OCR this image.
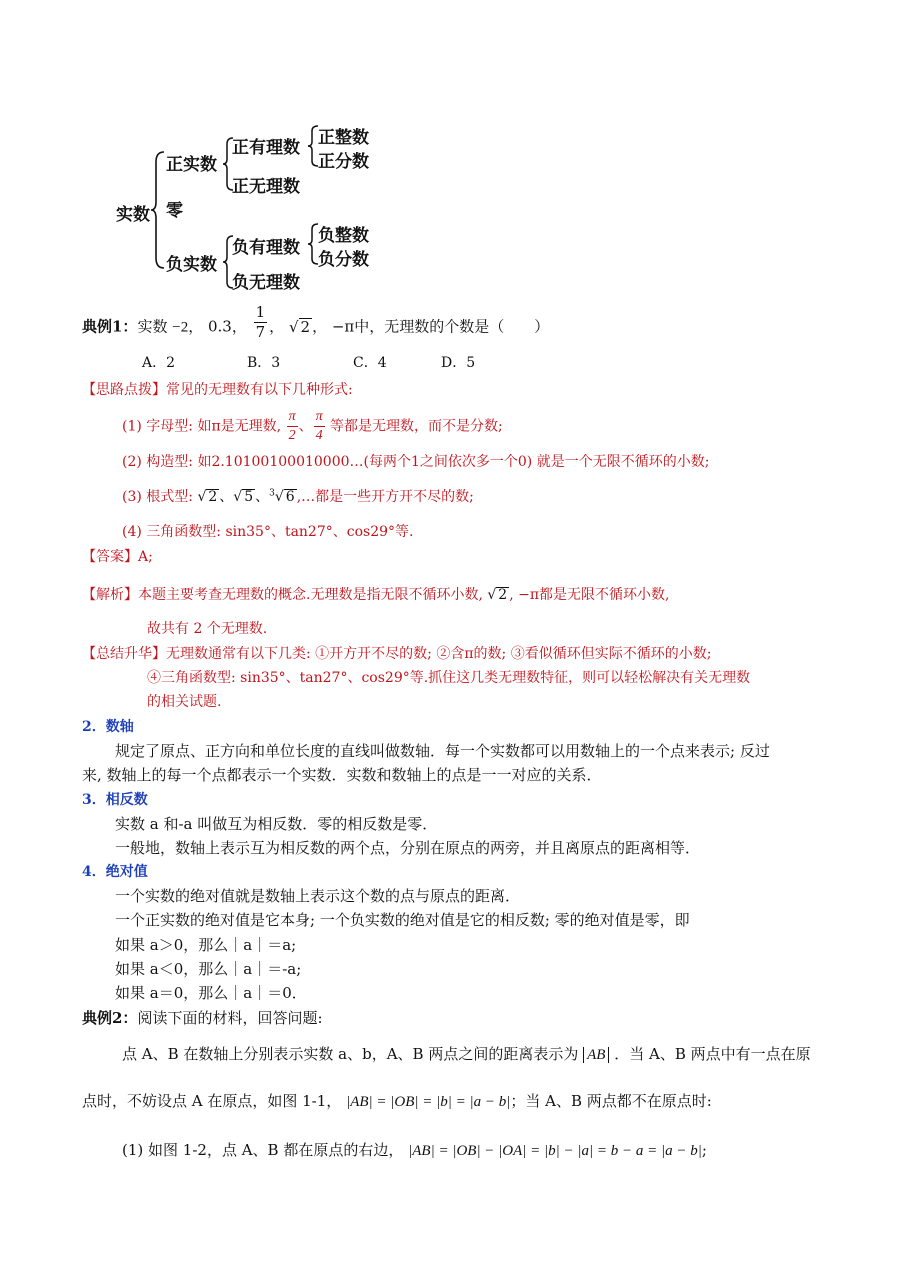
实数
正实数
正有理数 正整数
正分数
正无理数
零
负实数
负有理数
负整数
负分数
负无理数
典例1：实数 −2， 0.3， $\frac{1}{7}$ ， √ 2 ， −π中，无理数的个数是（　　）
A．2	B．3	C．4	D．5
【思路点拨】常见的无理数有以下几种形式:
(1) 字母型: 如π是无理数, $\frac{\pi}{2}$ 、 $\frac{\pi}{4}$ 等都是无理数，而不是分数;
(2) 构造型: 如2.10100100010000…(每两个1之间依次多一个0) 就是一个无限不循环的小数;
(3) 根式型: √ 2 、√ 5 、$^3$√ 6 ,…都是一些开方开不尽的数;
(4) 三角函数型: sin35°、tan27°、cos29°等.
【答案】A;
【解析】本题主要考查无理数的概念.无理数是指无限不循环小数, √ 2 , −π都是无限不循环小数,
故共有 2 个无理数.
【总结升华】无理数通常有以下几类: ①开方开不尽的数; ②含π的数; ③看似循环但实际不循环的小数;
④三角函数型: sin35°、tan27°、cos29°等.抓住这几类无理数特征，则可以轻松解决有关无理数
的相关试题.
2．数轴
规定了原点、正方向和单位长度的直线叫做数轴．每一个实数都可以用数轴上的一个点来表示; 反过
来, 数轴上的每一个点都表示一个实数．实数和数轴上的点是一一对应的关系．
3．相反数
实数 a 和-a 叫做互为相反数．零的相反数是零．
一般地，数轴上表示互为相反数的两个点，分别在原点的两旁，并且离原点的距离相等．
4．绝对值
一个实数的绝对值就是数轴上表示这个数的点与原点的距离．
一个正实数的绝对值是它本身; 一个负实数的绝对值是它的相反数; 零的绝对值是零，即
如果 a＞0，那么｜a｜＝a;
如果 a＜0，那么｜a｜＝-a;
如果 a＝0，那么｜a｜＝0．
典例2：阅读下面的材料，回答问题:
点 A、B 在数轴上分别表示实数 a、b，A、B 两点之间的距离表示为 AB ．当 A、B 两点中有一点在原
点时，不妨设点 A 在原点，如图 1-1， |AB| = |OB| = |b| = |a − b|；当 A、B 两点都不在原点时:
(1) 如图 1-2，点 A、B 都在原点的右边， |AB| = |OB| − |OA| = |b| − |a| = b − a = |a − b|;
